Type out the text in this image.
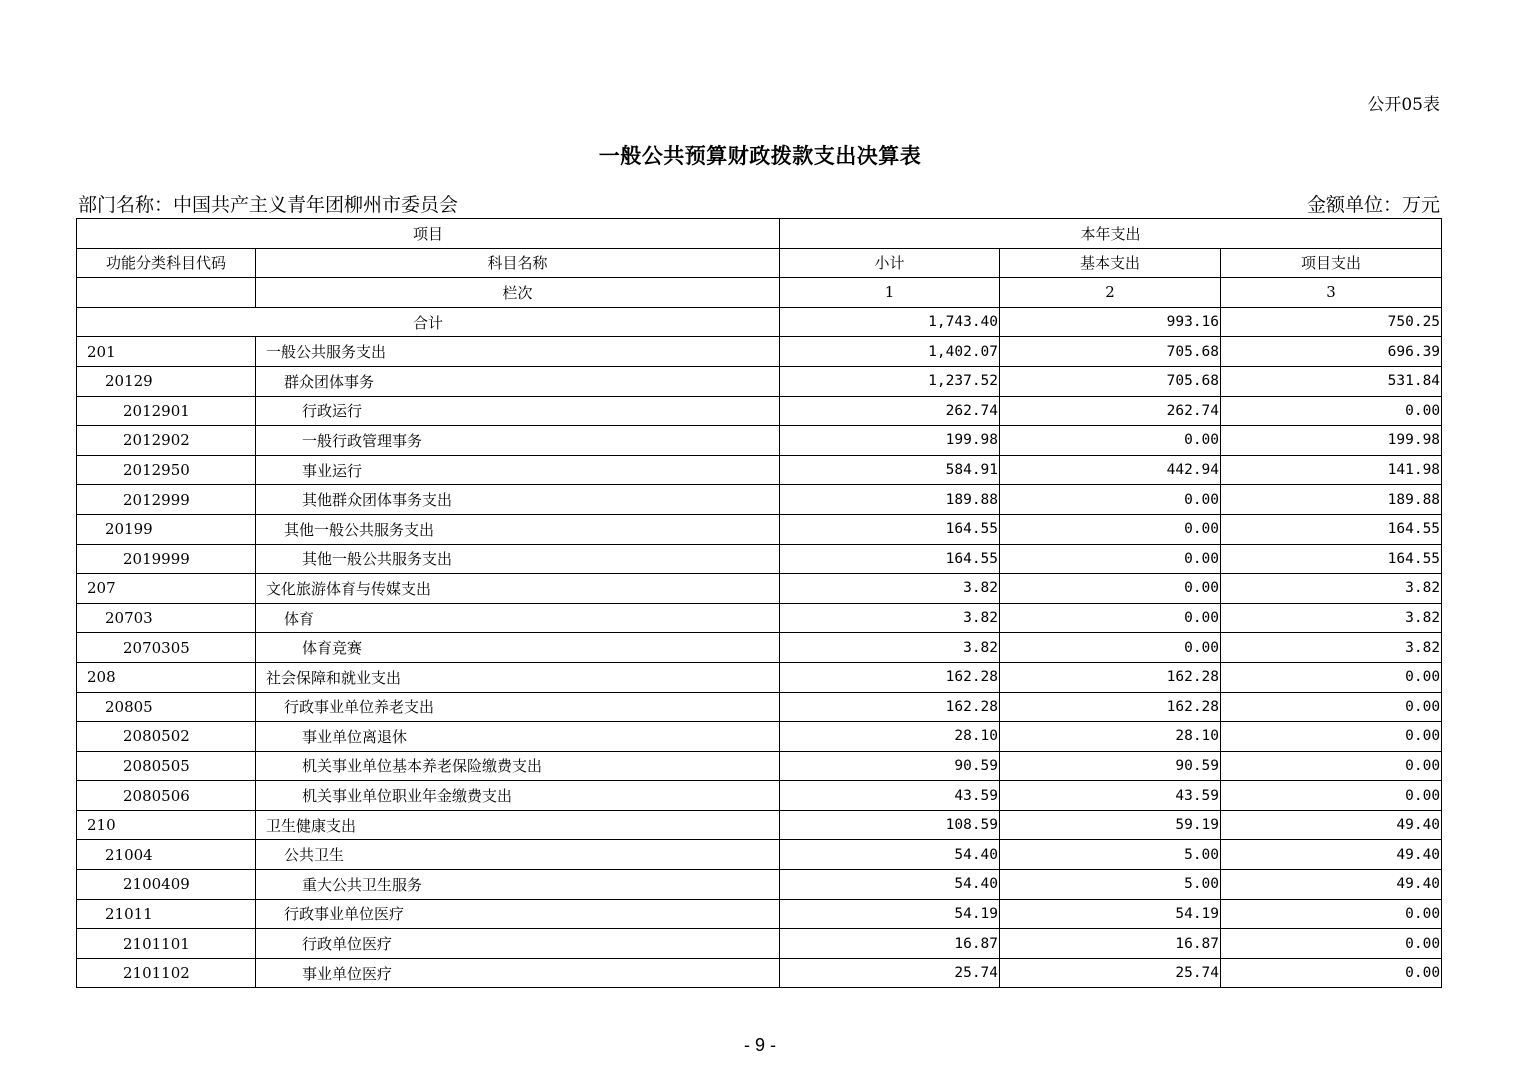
公开05表
一般公共预算财政拨款支出决算表
部门名称：中国共产主义青年团柳州市委员会	金额单位：万元
项目		本年支出		
功能分类科目代码	科目名称	小计	基本支出	项目支出
	栏次	1	2	3
合计		1,743.40	993.16	750.25
201	一般公共服务支出	1,402.07	705.68	696.39
20129	群众团体事务	1,237.52	705.68	531.84
2012901	行政运行	262.74	262.74	0.00
2012902	一般行政管理事务	199.98	0.00	199.98
2012950	事业运行	584.91	442.94	141.98
2012999	其他群众团体事务支出	189.88	0.00	189.88
20199	其他一般公共服务支出	164.55	0.00	164.55
2019999	其他一般公共服务支出	164.55	0.00	164.55
207	文化旅游体育与传媒支出	3.82	0.00	3.82
20703	体育	3.82	0.00	3.82
2070305	体育竞赛	3.82	0.00	3.82
208	社会保障和就业支出	162.28	162.28	0.00
20805	行政事业单位养老支出	162.28	162.28	0.00
2080502	事业单位离退休	28.10	28.10	0.00
2080505	机关事业单位基本养老保险缴费支出	90.59	90.59	0.00
2080506	机关事业单位职业年金缴费支出	43.59	43.59	0.00
210	卫生健康支出	108.59	59.19	49.40
21004	公共卫生	54.40	5.00	49.40
2100409	重大公共卫生服务	54.40	5.00	49.40
21011	行政事业单位医疗	54.19	54.19	0.00
2101101	行政单位医疗	16.87	16.87	0.00
2101102	事业单位医疗	25.74	25.74	0.00
- 9 -
